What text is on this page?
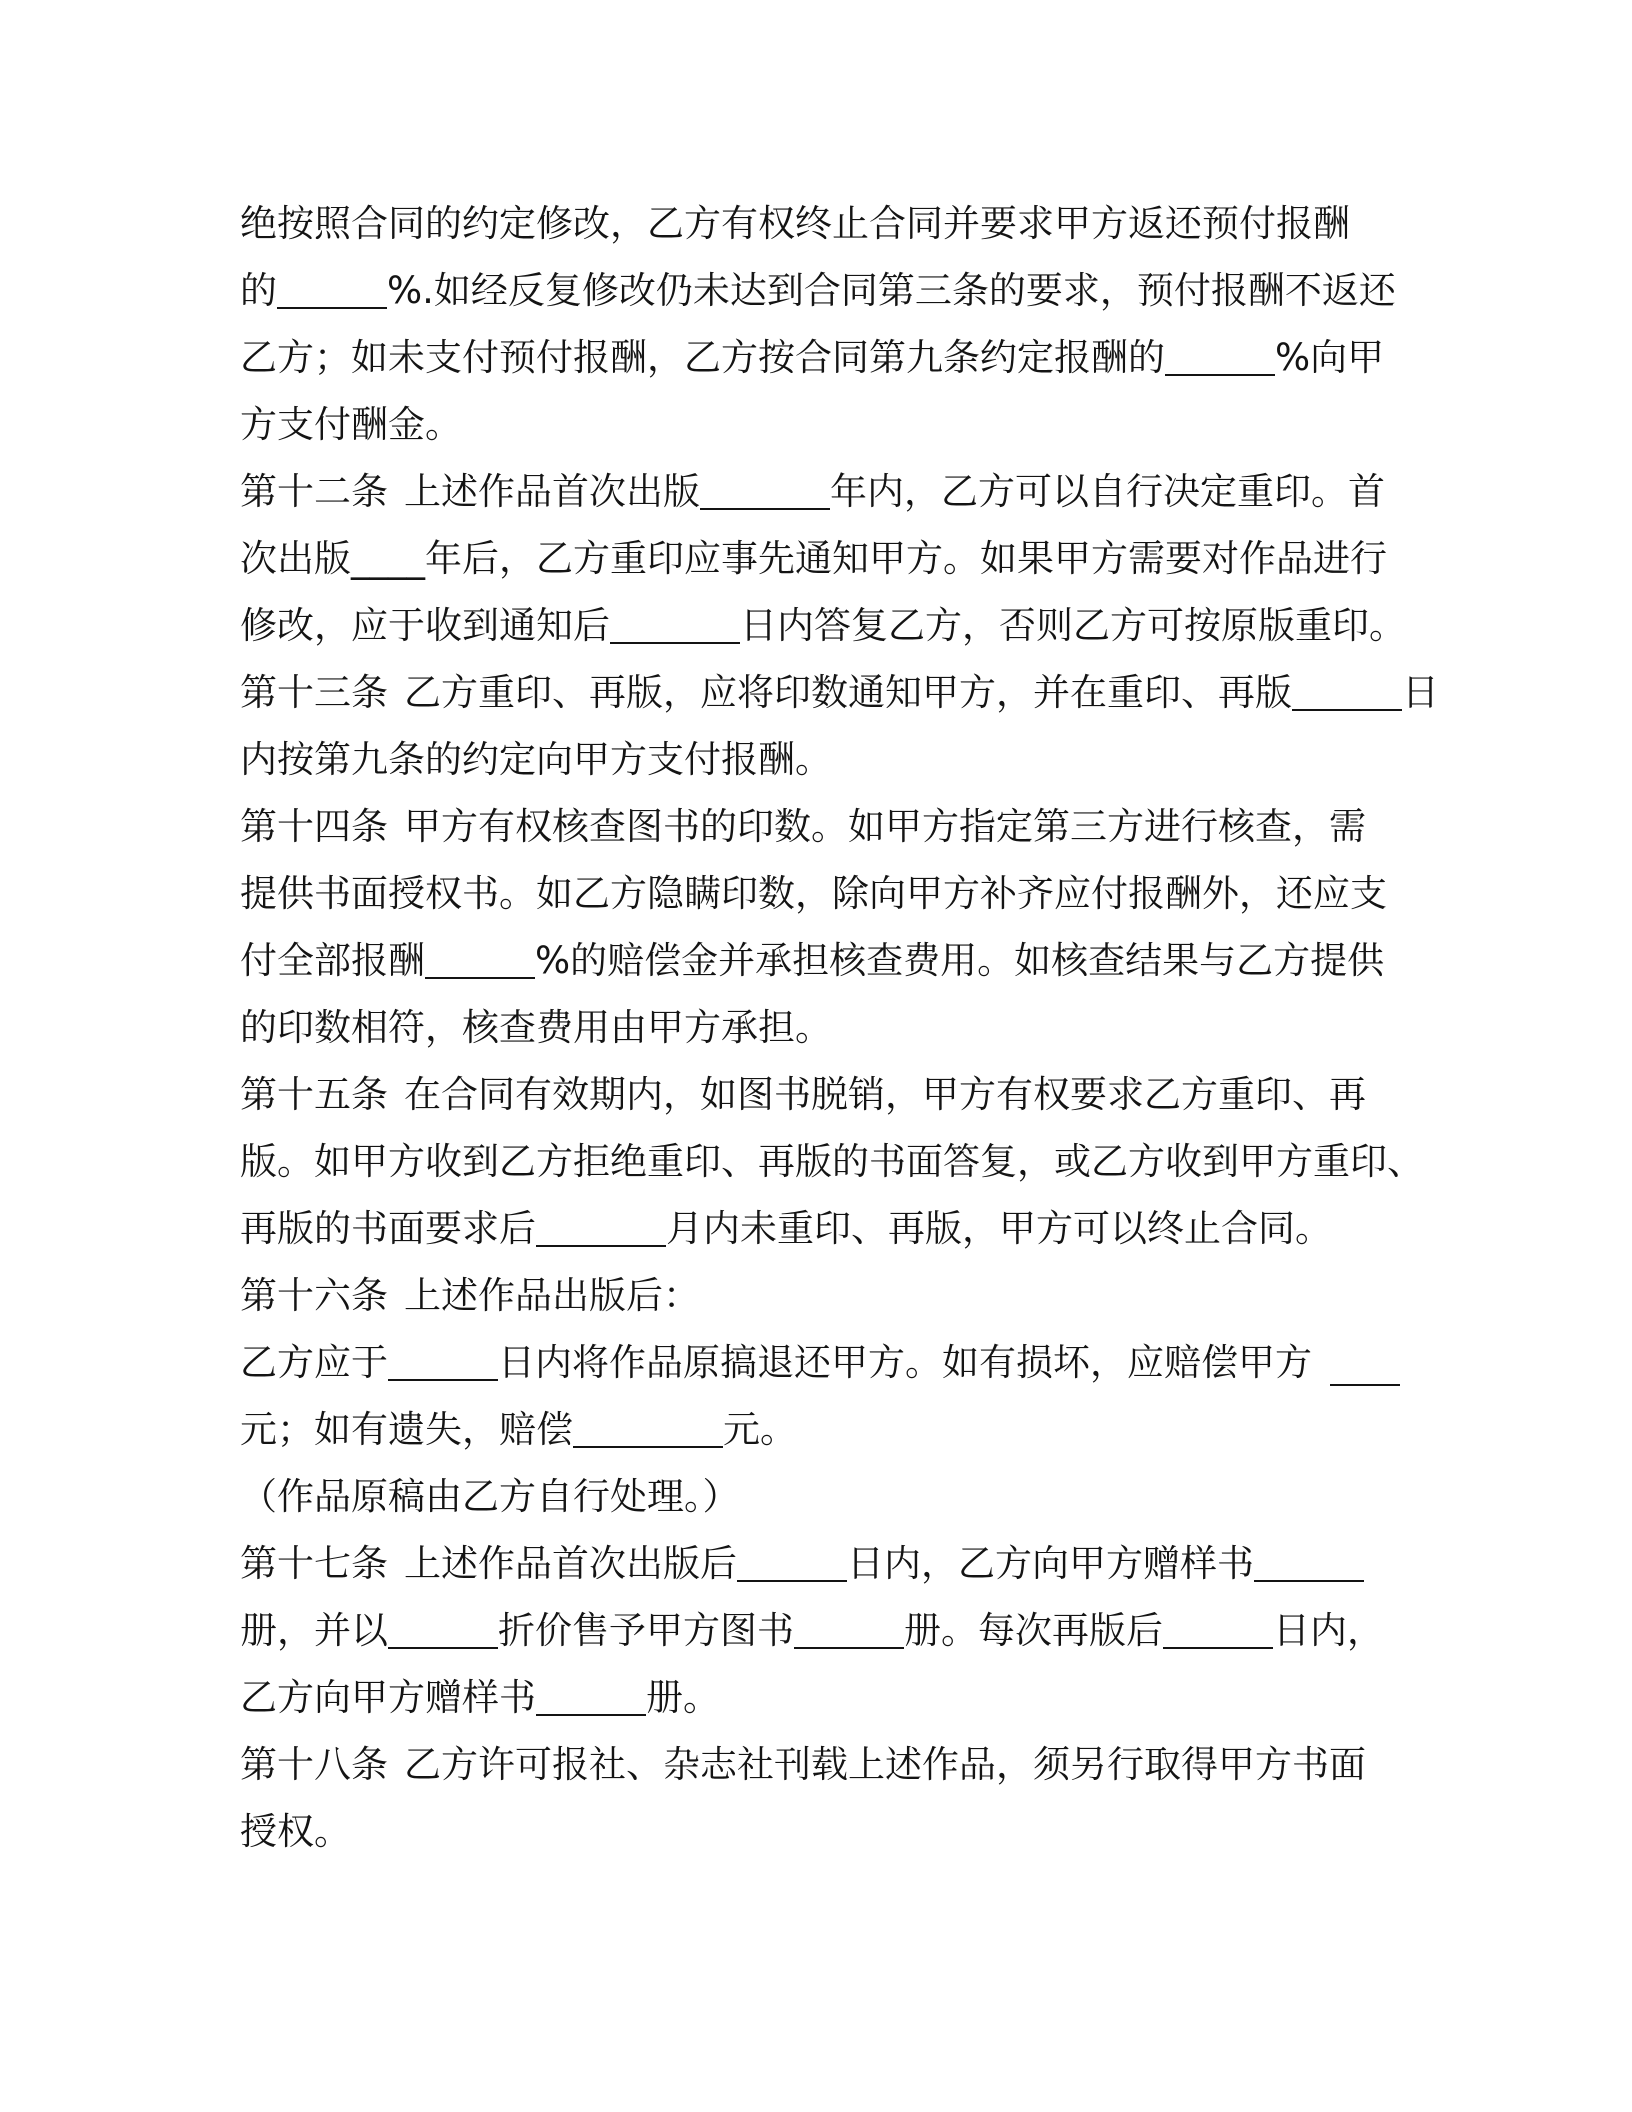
绝按照合同的约定修改，乙方有权终止合同并要求甲方返还预付报酬
的	%.如经反复修改仍未达到合同第三条的要求，预付报酬不返还
乙方；如未支付预付报酬，乙方按合同第九条约定报酬的	%向甲
方支付酬金。
第十二条 上述作品首次出版	年内，乙方可以自行决定重印。首
次出版____年后，乙方重印应事先通知甲方。如果甲方需要对作品进行
修改，应于收到通知后	日内答复乙方，否则乙方可按原版重印。
第十三条 乙方重印、再版，应将印数通知甲方，并在重印、再版	日
内按第九条的约定向甲方支付报酬。
第十四条 甲方有权核查图书的印数。如甲方指定第三方进行核查，需
提供书面授权书。如乙方隐瞒印数，除向甲方补齐应付报酬外，还应支
付全部报酬	%的赔偿金并承担核查费用。如核查结果与乙方提供
的印数相符，核查费用由甲方承担。
第十五条 在合同有效期内，如图书脱销，甲方有权要求乙方重印、再
版。如甲方收到乙方拒绝重印、再版的书面答复，或乙方收到甲方重印、
再版的书面要求后	月内未重印、再版，甲方可以终止合同。
第十六条 上述作品出版后：
乙方应于	日内将作品原搞退还甲方。如有损坏，应赔偿甲方
元；如有遗失，赔偿	元。
（作品原稿由乙方自行处理。）
第十七条 上述作品首次出版后	日内，乙方向甲方赠样书
册，并以	折价售予甲方图书	册。每次再版后	日内，
乙方向甲方赠样书	册。
第十八条 乙方许可报社、杂志社刊载上述作品，须另行取得甲方书面
授权。
